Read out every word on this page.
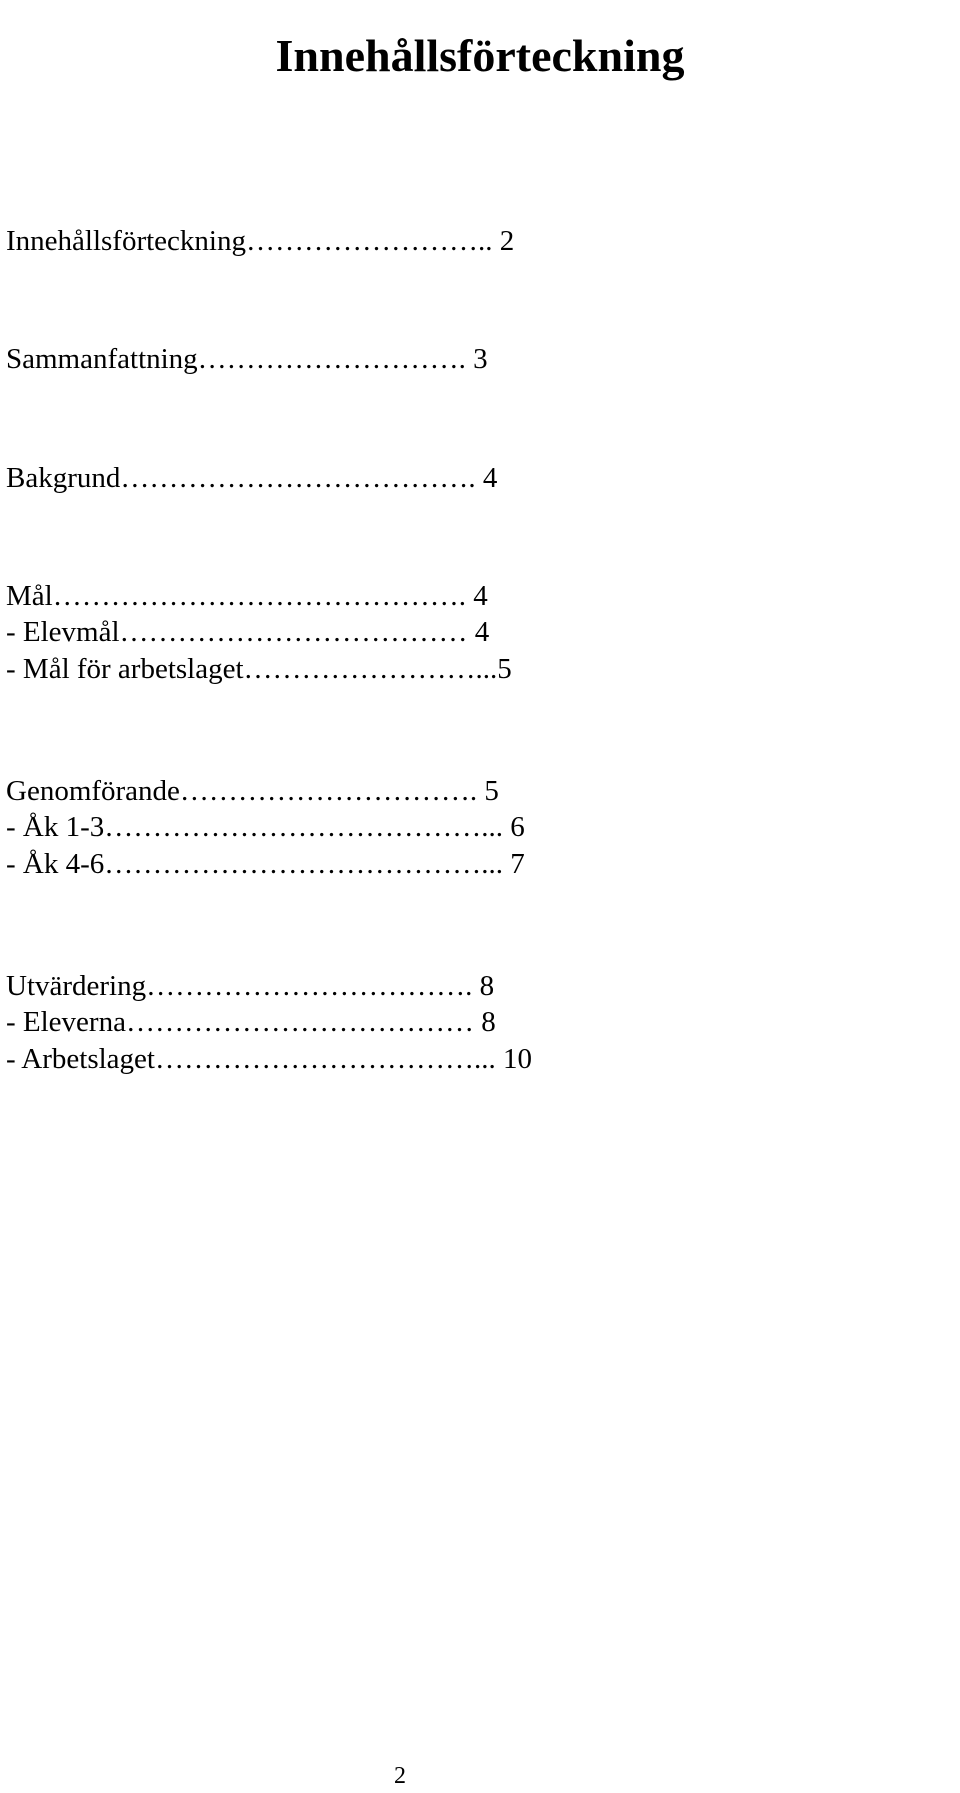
Innehållsförteckning
Innehållsförteckning…………………….. 2
Sammanfattning………………………. 3
Bakgrund………………………………. 4
Mål……………………………………. 4
- Elevmål……………………………… 4
- Mål för arbetslaget……………………...5
Genomförande…………………………. 5
- Åk 1-3…………………………………... 6
- Åk 4-6…………………………………... 7
Utvärdering……………………………. 8
- Eleverna……………………………… 8
- Arbetslaget……………………………... 10
2
